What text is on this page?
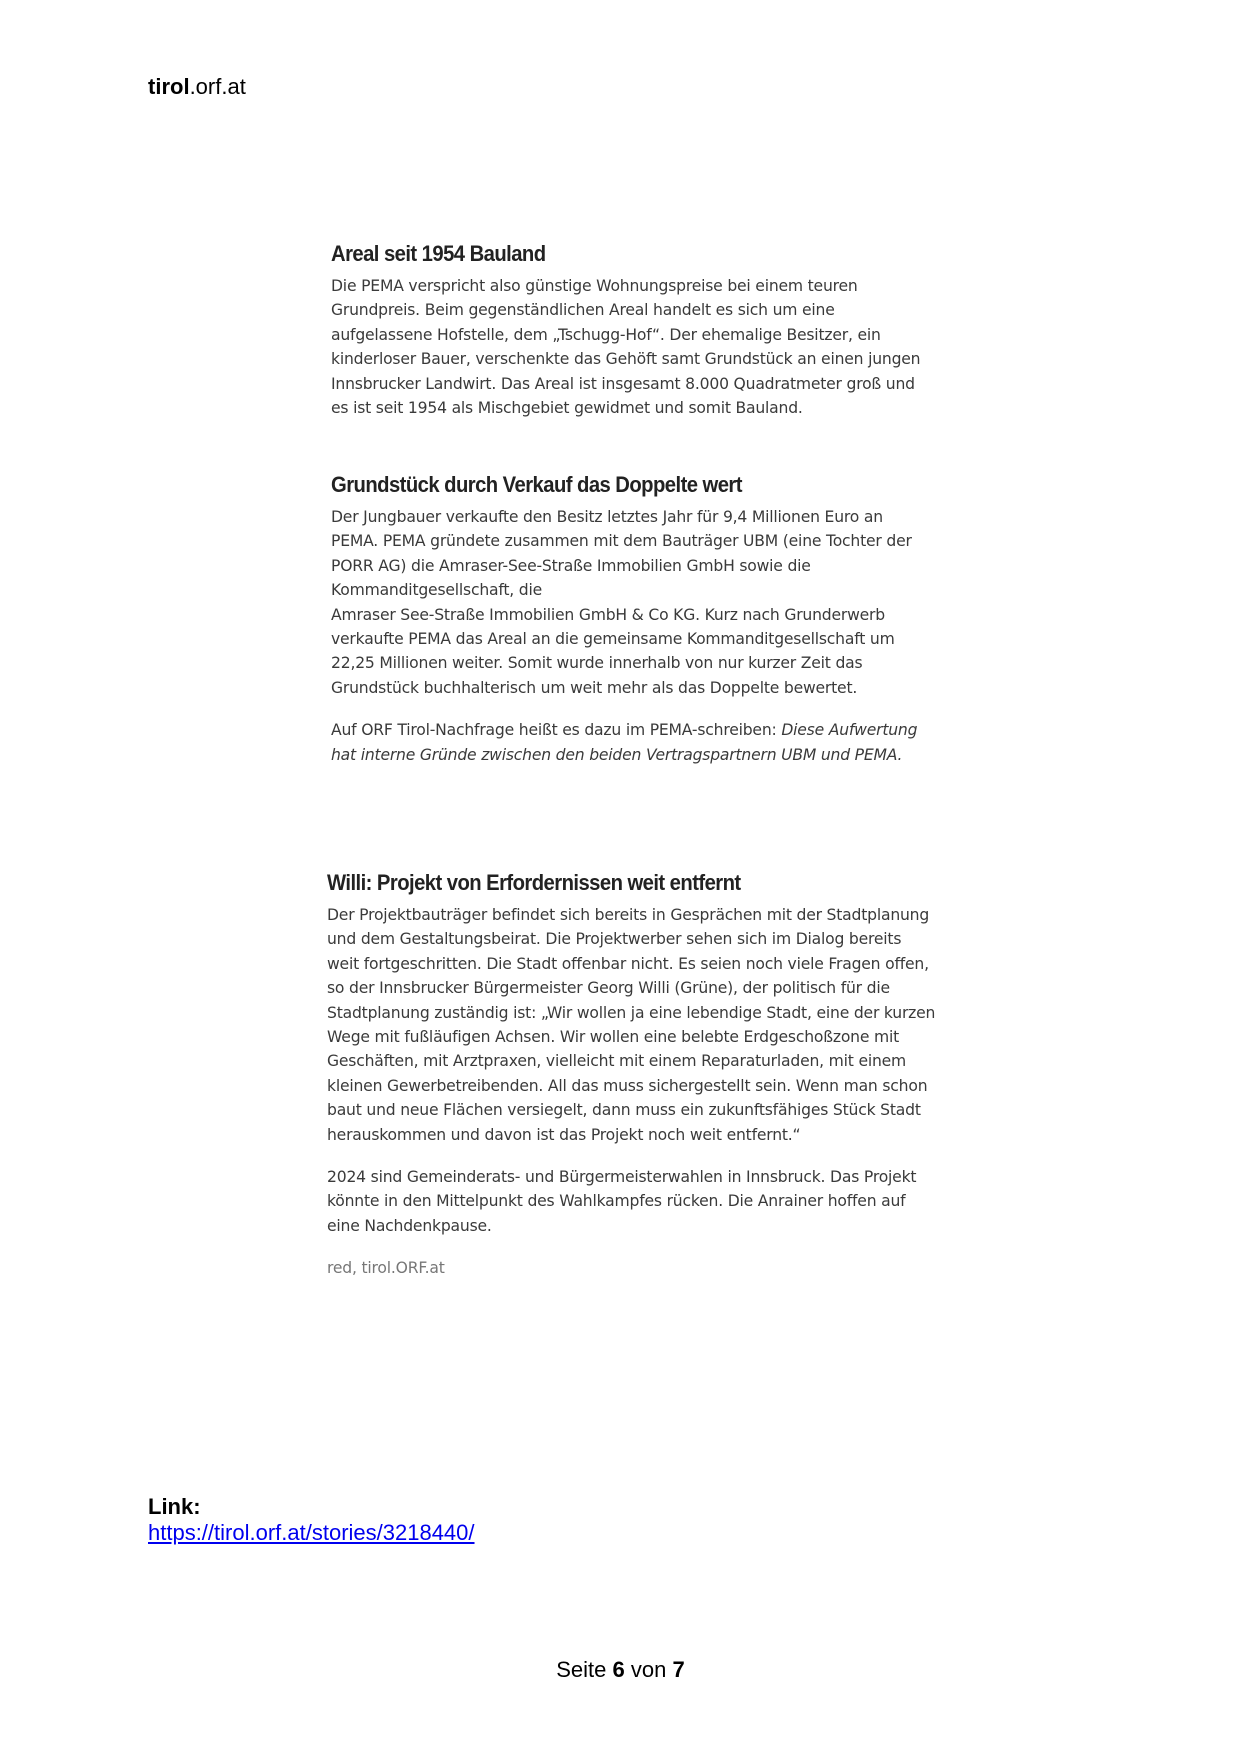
tirol.orf.at
Areal seit 1954 Bauland

Die PEMA verspricht also günstige Wohnungspreise bei einem teuren Grundpreis. Beim gegenständlichen Areal handelt es sich um eine aufgelassene Hofstelle, dem „Tschugg-Hof“. Der ehemalige Besitzer, ein kinderloser Bauer, verschenkte das Gehöft samt Grundstück an einen jungen Innsbrucker Landwirt. Das Areal ist insgesamt 8.000 Quadratmeter groß und es ist seit 1954 als Mischgebiet gewidmet und somit Bauland.

Grundstück durch Verkauf das Doppelte wert

Der Jungbauer verkaufte den Besitz letztes Jahr für 9,4 Millionen Euro an PEMA. PEMA gründete zusammen mit dem Bauträger UBM (eine Tochter der PORR AG) die Amraser-See-Straße Immobilien GmbH sowie die Kommanditgesellschaft, die

Amraser See-Straße Immobilien GmbH & Co KG. Kurz nach Grunderwerb verkaufte PEMA das Areal an die gemeinsame Kommanditgesellschaft um 22,25 Millionen weiter. Somit wurde innerhalb von nur kurzer Zeit das Grundstück buchhalterisch um weit mehr als das Doppelte bewertet.

Auf ORF Tirol-Nachfrage heißt es dazu im PEMA-schreiben: Diese Aufwertung hat interne Gründe zwischen den beiden Vertragspartnern UBM und PEMA.

Willi: Projekt von Erfordernissen weit entfernt

Der Projektbauträger befindet sich bereits in Gesprächen mit der Stadtplanung und dem Gestaltungsbeirat. Die Projektwerber sehen sich im Dialog bereits weit fortgeschritten. Die Stadt offenbar nicht. Es seien noch viele Fragen offen, so der Innsbrucker Bürgermeister Georg Willi (Grüne), der politisch für die Stadtplanung zuständig ist: „Wir wollen ja eine lebendige Stadt, eine der kurzen Wege mit fußläufigen Achsen. Wir wollen eine belebte Erdgeschoßzone mit Geschäften, mit Arztpraxen, vielleicht mit einem Reparaturladen, mit einem kleinen Gewerbetreibenden. All das muss sichergestellt sein. Wenn man schon baut und neue Flächen versiegelt, dann muss ein zukunftsfähiges Stück Stadt herauskommen und davon ist das Projekt noch weit entfernt.“

2024 sind Gemeinderats- und Bürgermeisterwahlen in Innsbruck. Das Projekt könnte in den Mittelpunkt des Wahlkampfes rücken. Die Anrainer hoffen auf eine Nachdenkpause.

red, tirol.ORF.at

Link:
https://tirol.orf.at/stories/3218440/
Seite 6 von 7
